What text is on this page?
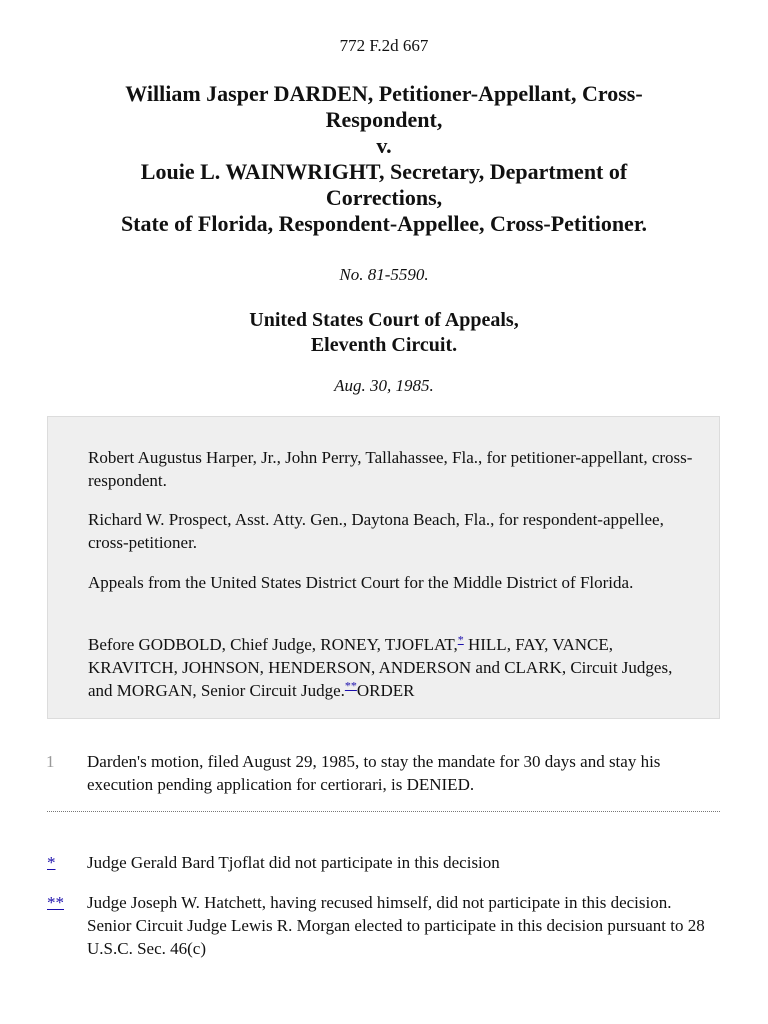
772 F.2d 667
William Jasper DARDEN, Petitioner-Appellant, Cross-
Respondent,
v.
Louie L. WAINWRIGHT, Secretary, Department of
Corrections,
State of Florida, Respondent-Appellee, Cross-Petitioner.
No. 81-5590.
United States Court of Appeals,
Eleventh Circuit.
Aug. 30, 1985.
Robert Augustus Harper, Jr., John Perry, Tallahassee, Fla., for petitioner-appellant, cross-respondent.
Richard W. Prospect, Asst. Atty. Gen., Daytona Beach, Fla., for respondent-appellee, cross-petitioner.
Appeals from the United States District Court for the Middle District of Florida.
Before GODBOLD, Chief Judge, RONEY, TJOFLAT,* HILL, FAY, VANCE, KRAVITCH, JOHNSON, HENDERSON, ANDERSON and CLARK, Circuit Judges, and MORGAN, Senior Circuit Judge.**ORDER
1 Darden's motion, filed August 29, 1985, to stay the mandate for 30 days and stay his execution pending application for certiorari, is DENIED.
* Judge Gerald Bard Tjoflat did not participate in this decision
** Judge Joseph W. Hatchett, having recused himself, did not participate in this decision. Senior Circuit Judge Lewis R. Morgan elected to participate in this decision pursuant to 28 U.S.C. Sec. 46(c)
